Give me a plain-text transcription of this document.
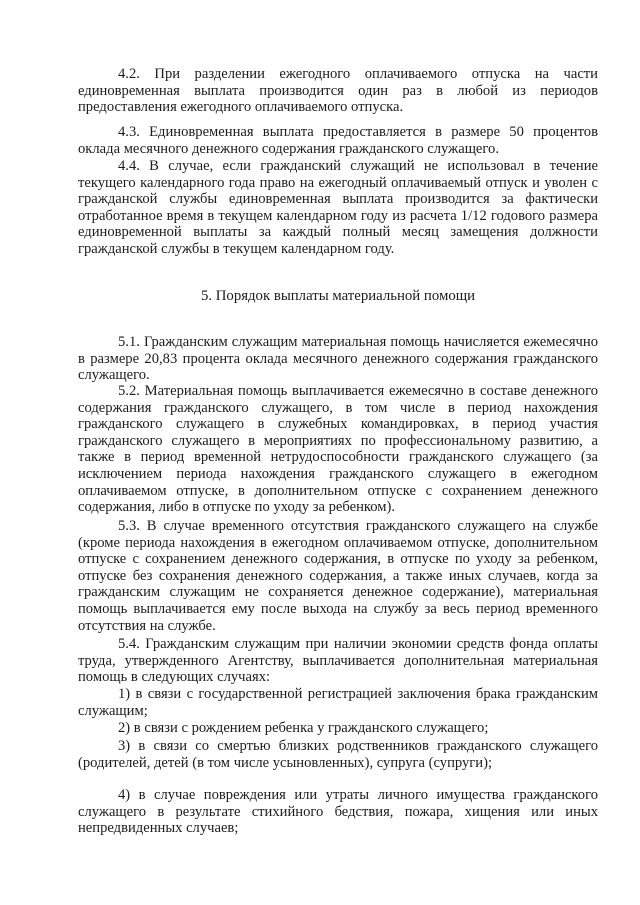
4.2. При разделении ежегодного оплачиваемого отпуска на части единовременная выплата производится один раз в любой из периодов предоставления ежегодного оплачиваемого отпуска.

4.3. Единовременная выплата предоставляется в размере 50 процентов оклада месячного денежного содержания гражданского служащего.

4.4. В случае, если гражданский служащий не использовал в течение текущего календарного года право на ежегодный оплачиваемый отпуск и уволен с гражданской службы единовременная выплата производится за фактически отработанное время в текущем календарном году из расчета 1/12 годового размера единовременной выплаты за каждый полный месяц замещения должности гражданской службы в текущем календарном году.

5. Порядок выплаты материальной помощи

5.1. Гражданским служащим материальная помощь начисляется ежемесячно в размере 20,83 процента оклада месячного денежного содержания гражданского служащего.

5.2. Материальная помощь выплачивается ежемесячно в составе денежного содержания гражданского служащего, в том числе в период нахождения гражданского служащего в служебных командировках, в период участия гражданского служащего в мероприятиях по профессиональному развитию, а также в период временной нетрудоспособности гражданского служащего (за исключением периода нахождения гражданского служащего в ежегодном оплачиваемом отпуске, в дополнительном отпуске с сохранением денежного содержания, либо в отпуске по уходу за ребенком).

5.3. В случае временного отсутствия гражданского служащего на службе (кроме периода нахождения в ежегодном оплачиваемом отпуске, дополнительном отпуске с сохранением денежного содержания, в отпуске по уходу за ребенком, отпуске без сохранения денежного содержания, а также иных случаев, когда за гражданским служащим не сохраняется денежное содержание), материальная помощь выплачивается ему после выхода на службу за весь период временного отсутствия на службе.

5.4. Гражданским служащим при наличии экономии средств фонда оплаты труда, утвержденного Агентству, выплачивается дополнительная материальная помощь в следующих случаях:

1) в связи с государственной регистрацией заключения брака гражданским служащим;

2) в связи с рождением ребенка у гражданского служащего;

3) в связи со смертью близких родственников гражданского служащего (родителей, детей (в том числе усыновленных), супруга (супруги);

4) в случае повреждения или утраты личного имущества гражданского служащего в результате стихийного бедствия, пожара, хищения или иных непредвиденных случаев;
